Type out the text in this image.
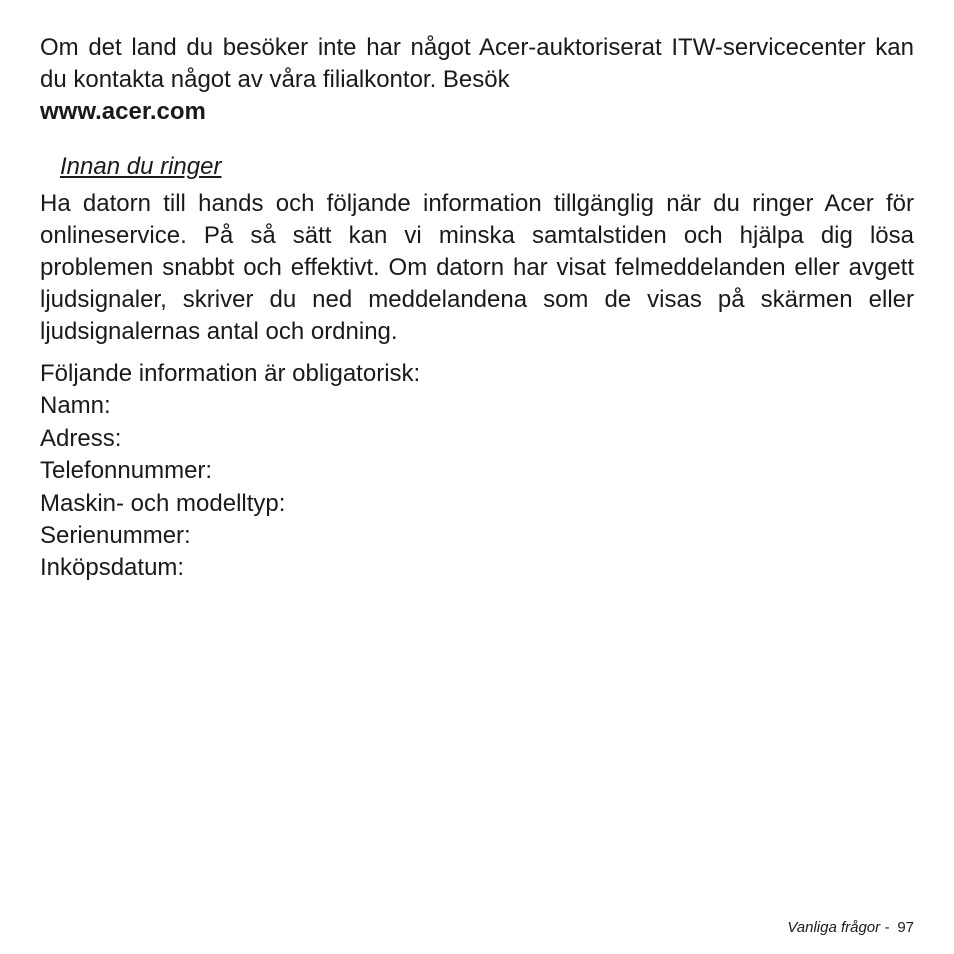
Om det land du besöker inte har något Acer-auktoriserat ITW-servicecenter kan du kontakta något av våra filialkontor. Besök
www.acer.com

Innan du ringer

Ha datorn till hands och följande information tillgänglig när du ringer Acer för onlineservice. På så sätt kan vi minska samtalstiden och hjälpa dig lösa problemen snabbt och effektivt. Om datorn har visat felmeddelanden eller avgett ljudsignaler, skriver du ned meddelandena som de visas på skärmen eller ljudsignalernas antal och ordning.

Följande information är obligatorisk:
Namn:
Adress:
Telefonnummer:
Maskin- och modelltyp:
Serienummer:
Inköpsdatum:
Vanliga frågor - 97
